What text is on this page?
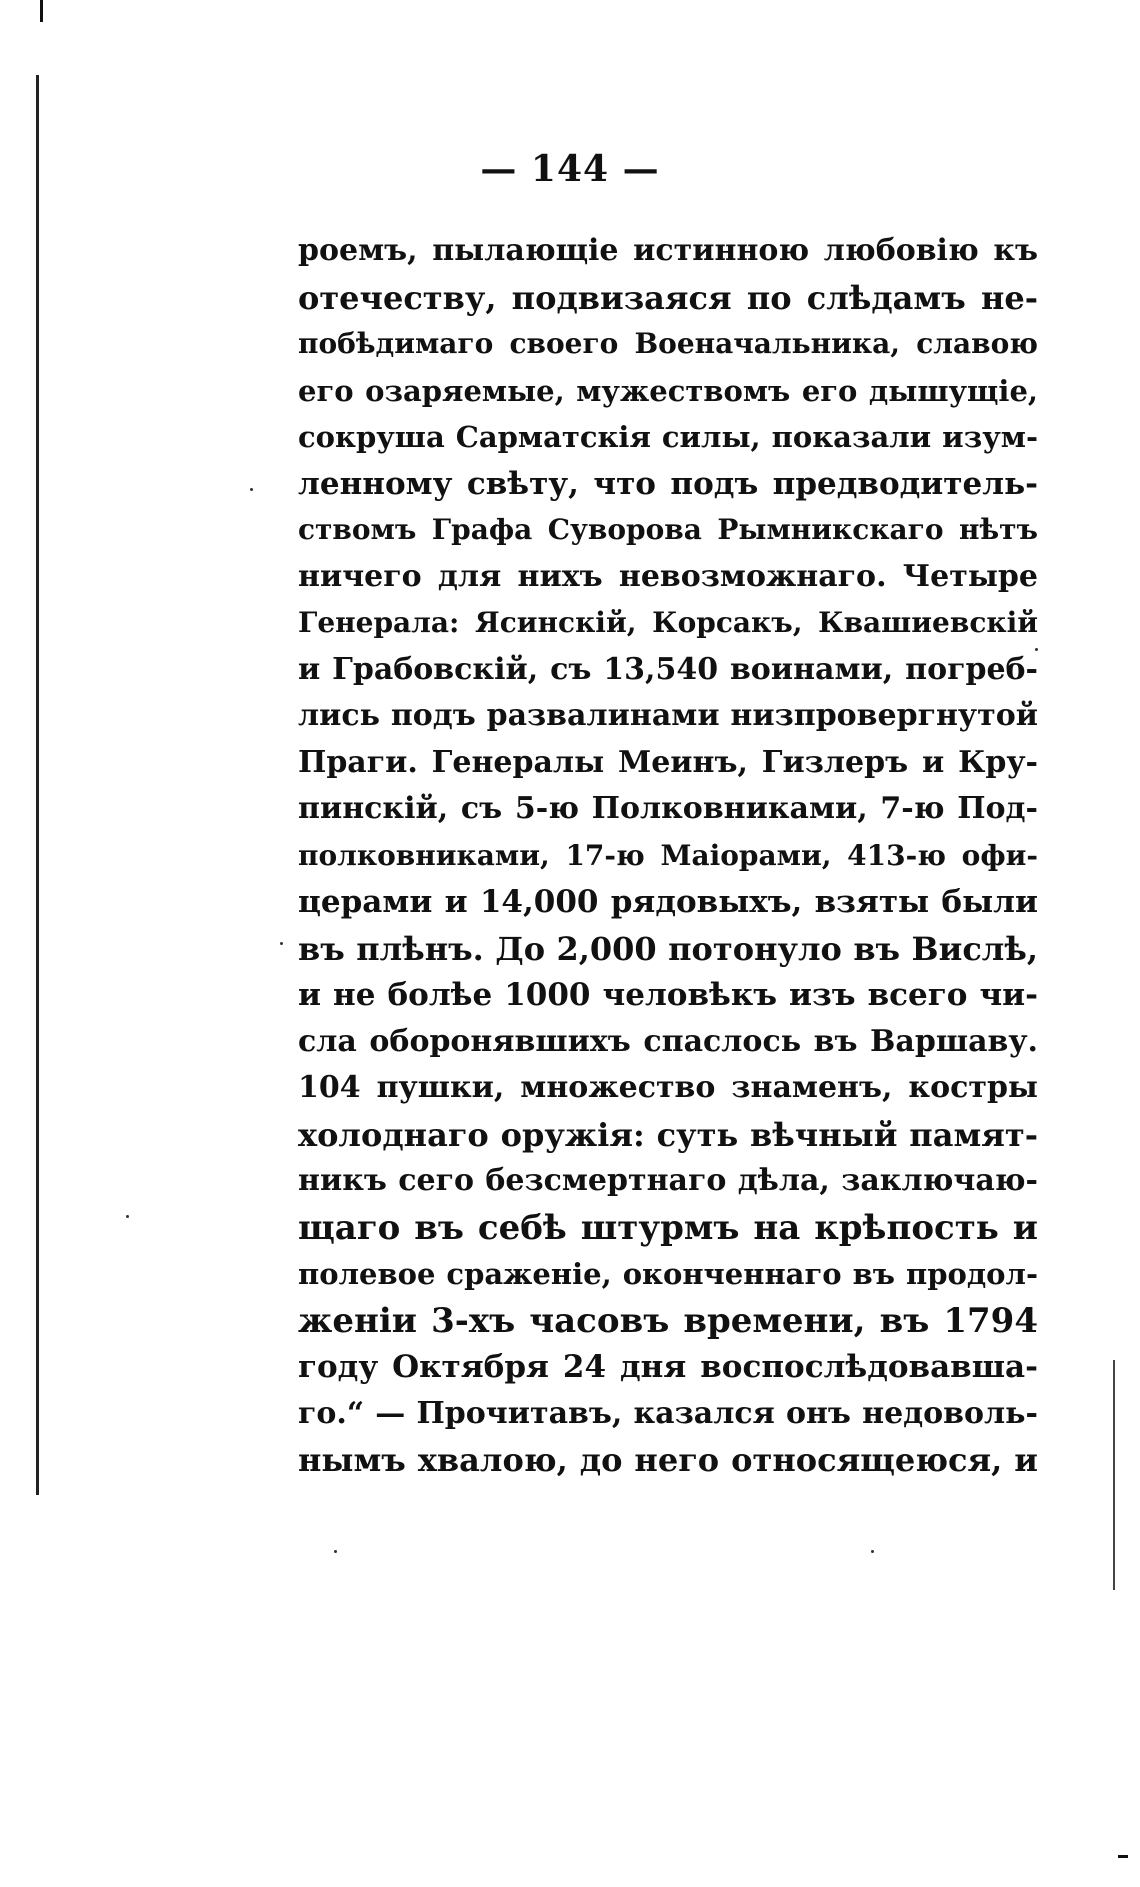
— 144 —
роемъ, пылающіе истинною любовію къ
отечеству, подвизаяся по слѣдамъ не-
побѣдимаго своего Военачальника, славою
его озаряемые, мужествомъ его дышущіе,
сокруша Сарматскія силы, показали изум-
ленному свѣту, что подъ предводитель-
ствомъ Графа Суворова Рымникскаго нѣтъ
ничего для нихъ невозможнаго. Четыре
Генерала: Ясинскій, Корсакъ, Квашиевскій
и Грабовскій, съ 13,540 воинами, погреб-
лись подъ развалинами низпровергнутой
Праги. Генералы Меинъ, Гизлеръ и Кру-
пинскій, съ 5-ю Полковниками, 7-ю Под-
полковниками, 17-ю Маіорами, 413-ю офи-
церами и 14,000 рядовыхъ, взяты были
въ плѣнъ. До 2,000 потонуло въ Вислѣ,
и не болѣе 1000 человѣкъ изъ всего чи-
сла оборонявшихъ спаслось въ Варшаву.
104 пушки, множество знаменъ, костры
холоднаго оружія: суть вѣчный памят-
никъ сего безсмертнаго дѣла, заключаю-
щаго въ себѣ штурмъ на крѣпость и
полевое сраженіе, оконченнаго въ продол-
женіи 3-хъ часовъ времени, въ 1794
году Октября 24 дня воспослѣдовавша-
го.“ — Прочитавъ, казался онъ недоволь-
нымъ хвалою, до него относящеюся, и
